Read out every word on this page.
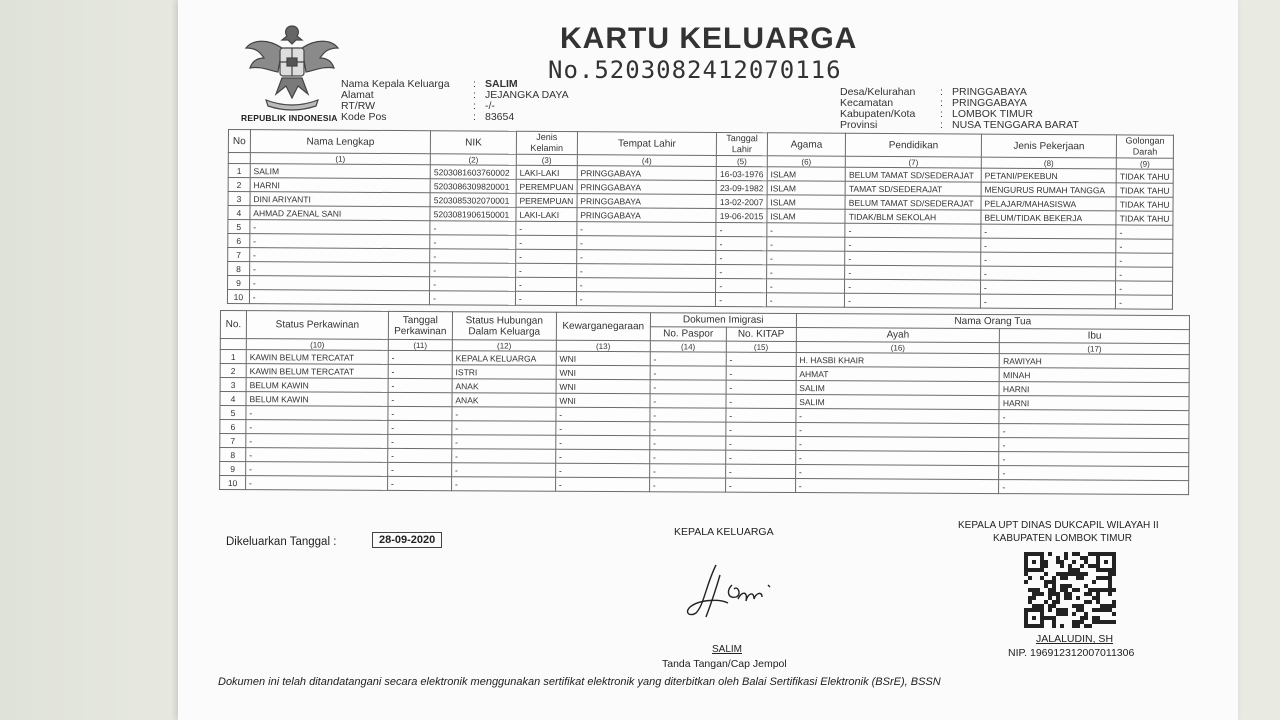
REPUBLIK INDONESIA
KARTU KELUARGA
No.5203082412070116
Nama Kepala Keluarga	: SALIM
Alamat	: JEJANGKA DAYA
RT/RW	: -/-
Kode Pos	: 83654
Desa/Kelurahan	: PRINGGABAYA
Kecamatan	: PRINGGABAYA
Kabupaten/Kota	: LOMBOK TIMUR
Provinsi	: NUSA TENGGARA BARAT
No	Nama Lengkap	NIK	Jenis Kelamin	Tempat Lahir	Tanggal Lahir	Agama	Pendidikan	Jenis Pekerjaan	Golongan Darah
	(1)	(2)	(3)	(4)	(5)	(6)	(7)	(8)	(9)
1	SALIM	5203081603760002	LAKI-LAKI	PRINGGABAYA	16-03-1976	ISLAM	BELUM TAMAT SD/SEDERAJAT	PETANI/PEKEBUN	TIDAK TAHU
2	HARNI	5203086309820001	PEREMPUAN	PRINGGABAYA	23-09-1982	ISLAM	TAMAT SD/SEDERAJAT	MENGURUS RUMAH TANGGA	TIDAK TAHU
3	DINI ARIYANTI	5203085302070001	PEREMPUAN	PRINGGABAYA	13-02-2007	ISLAM	BELUM TAMAT SD/SEDERAJAT	PELAJAR/MAHASISWA	TIDAK TAHU
4	AHMAD ZAENAL SANI	5203081906150001	LAKI-LAKI	PRINGGABAYA	19-06-2015	ISLAM	TIDAK/BLM SEKOLAH	BELUM/TIDAK BEKERJA	TIDAK TAHU
5	-	-	-	-	-	-	-	-	-
6	-	-	-	-	-	-	-	-	-
7	-	-	-	-	-	-	-	-	-
8	-	-	-	-	-	-	-	-	-
9	-	-	-	-	-	-	-	-	-
10	-	-	-	-	-	-	-	-	-
No.	Status Perkawinan	Tanggal Perkawinan	Status Hubungan Dalam Keluarga	Kewarganegaraan	Dokumen Imigrasi		Nama Orang Tua	
					No. Paspor	No. KITAP	Ayah	Ibu
	(10)	(11)	(12)	(13)	(14)	(15)	(16)	(17)
1	KAWIN BELUM TERCATAT	-	KEPALA KELUARGA	WNI	-	-	H. HASBI KHAIR	RAWIYAH
2	KAWIN BELUM TERCATAT	-	ISTRI	WNI	-	-	AHMAT	MINAH
3	BELUM KAWIN	-	ANAK	WNI	-	-	SALIM	HARNI
4	BELUM KAWIN	-	ANAK	WNI	-	-	SALIM	HARNI
5	-	-	-	-	-	-	-	-
6	-	-	-	-	-	-	-	-
7	-	-	-	-	-	-	-	-
8	-	-	-	-	-	-	-	-
9	-	-	-	-	-	-	-	-
10	-	-	-	-	-	-	-	-
Dikeluarkan Tanggal :	28-09-2020
KEPALA KELUARGA
SALIM
Tanda Tangan/Cap Jempol
KEPALA UPT DINAS DUKCAPIL WILAYAH II
KABUPATEN LOMBOK TIMUR
JALALUDIN, SH
NIP. 196912312007011306
Dokumen ini telah ditandatangani secara elektronik menggunakan sertifikat elektronik yang diterbitkan oleh Balai Sertifikasi Elektronik (BSrE), BSSN
